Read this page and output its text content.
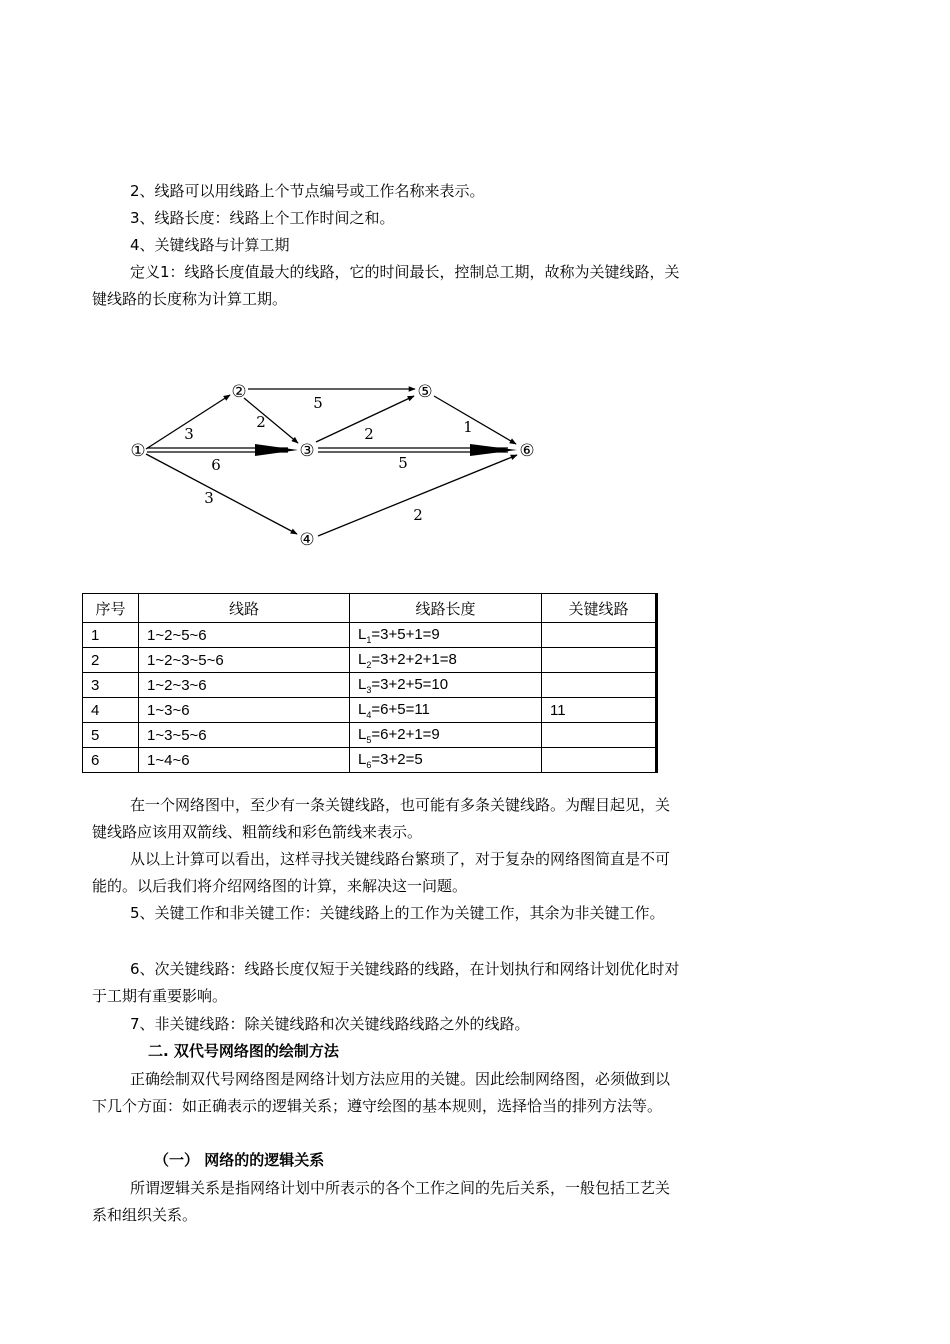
2、线路可以用线路上个节点编号或工作名称来表示。

3、线路长度：线路上个工作时间之和。

4、关键线路与计算工期

定义1：线路长度值最大的线路，它的时间最长，控制总工期，故称为关键线路，关键线路的长度称为计算工期。

①
②
③
④
⑤
⑥
3
5
2
6
2	1
5
3
2
序号	线路	线路长度	关键线路
1	1~2~5~6	$L_1=3+5+1=9$	
2	1~2~3~5~6	$L_2=3+2+2+1=8$	
3	1~2~3~6	$L_3=3+2+5=10$	
4	1~3~6	$L_4=6+5=11$	11
5	1~3~5~6	$L_5=6+2+1=9$	
6	1~4~6	$L_6=3+2=5$	

在一个网络图中，至少有一条关键线路，也可能有多条关键线路。为醒目起见，关键线路应该用双箭线、粗箭线和彩色箭线来表示。

从以上计算可以看出，这样寻找关键线路台繁琐了，对于复杂的网络图简直是不可能的。以后我们将介绍网络图的计算，来解决这一问题。

5、关键工作和非关键工作：关键线路上的工作为关键工作，其余为非关键工作。

6、次关键线路：线路长度仅短于关键线路的线路，在计划执行和网络计划优化时对于工期有重要影响。

7、非关键线路：除关键线路和次关键线路线路之外的线路。

二. 双代号网络图的绘制方法

正确绘制双代号网络图是网络计划方法应用的关键。因此绘制网络图，必须做到以下几个方面：如正确表示的逻辑关系；遵守绘图的基本规则，选择恰当的排列方法等。

（一） 网络的的逻辑关系

所谓逻辑关系是指网络计划中所表示的各个工作之间的先后关系，一般包括工艺关系和组织关系。
